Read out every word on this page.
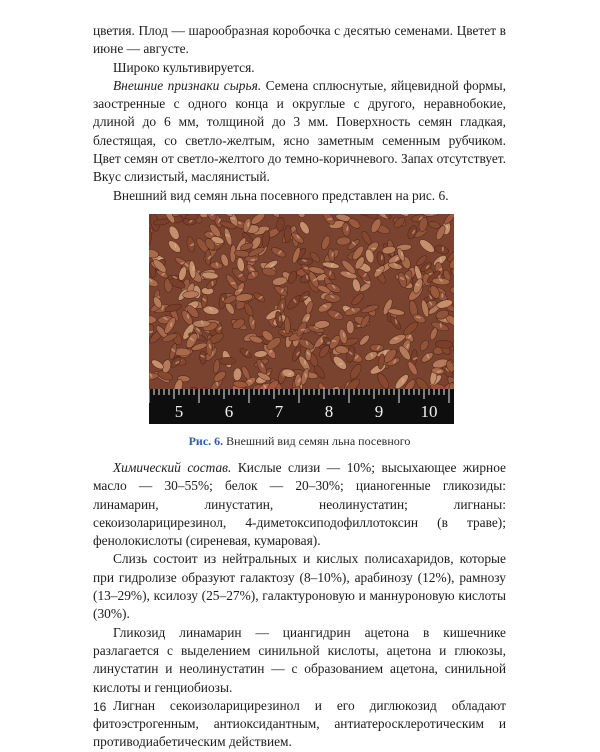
цветия. Плод — шарообразная коробочка с десятью семенами. Цветет в июне — августе.

Широко культивируется.

Внешние признаки сырья. Семена сплюснутые, яйцевидной формы, заостренные с одного конца и округлые с другого, неравнобокие, длиной до 6 мм, толщиной до 3 мм. Поверхность семян гладкая, блестящая, со светло-желтым, ясно заметным семенным рубчиком. Цвет семян от светло-желтого до темно-коричневого. Запах отсутствует. Вкус слизистый, маслянистый.

Внешний вид семян льна посевного представлен на рис. 6.

5 6 7 8 9 10

Рис. 6. Внешний вид семян льна посевного

Химический состав. Кислые слизи — 10%; высыхающее жирное масло — 30–55%; белок — 20–30%; цианогенные гликозиды: линамарин, линустатин, неолинустатин; лигнаны: секоизоларицирезинол, 4-диметоксиподофиллотоксин (в траве); фенолокислоты (сиреневая, кумаровая).

Слизь состоит из нейтральных и кислых полисахаридов, которые при гидролизе образуют галактозу (8–10%), арабинозу (12%), рамнозу (13–29%), ксилозу (25–27%), галактуроновую и маннуроновую кислоты (30%).

Гликозид линамарин — циангидрин ацетона в кишечнике разлагается с выделением синильной кислоты, ацетона и глюкозы, линустатин и неолинустатин — с образованием ацетона, синильной кислоты и генциобиозы.

Лигнан секоизоларицирезинол и его диглюкозид обладают фитоэстрогенным, антиоксидантным, антиатеросклеротическим и противодиабетическим действием.

16
